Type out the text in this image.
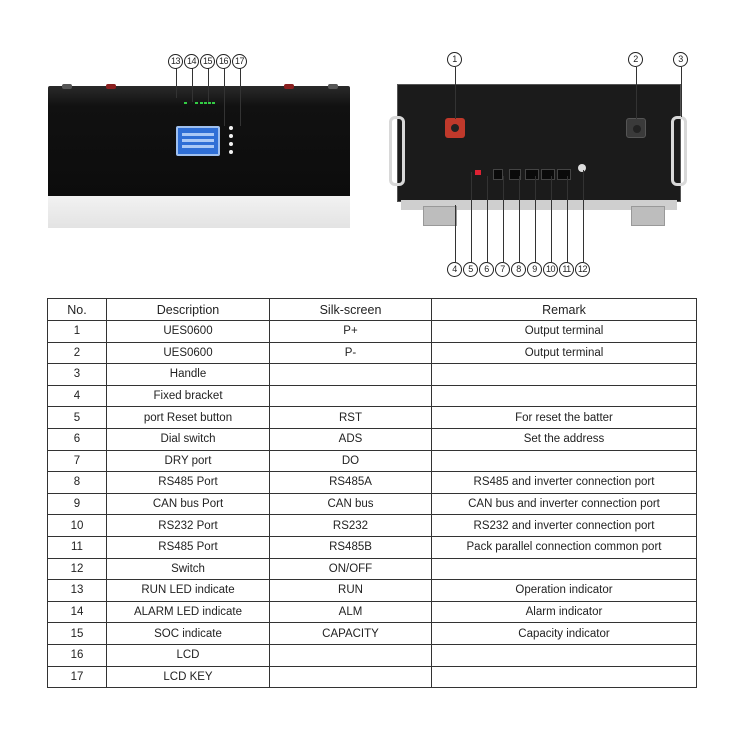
13 14 15 16 17	1	2	3
4	5	6	7	8	9	10 11 12
No.	Description	Silk-screen	Remark
1	UES0600	P+	Output terminal
2	UES0600	P-	Output terminal
3	Handle		
4	Fixed bracket		
5	port Reset button	RST	For reset the batter
6	Dial switch	ADS	Set the address
7	DRY port	DO	
8	RS485 Port	RS485A	RS485 and inverter connection port
9	CAN bus Port	CAN bus	CAN bus and inverter connection port
10	RS232 Port	RS232	RS232 and inverter connection port
11	RS485 Port	RS485B	Pack parallel connection common port
12	Switch	ON/OFF	
13	RUN LED indicate	RUN	Operation indicator
14	ALARM LED indicate	ALM	Alarm indicator
15	SOC indicate	CAPACITY	Capacity indicator
16	LCD		
17	LCD KEY		
